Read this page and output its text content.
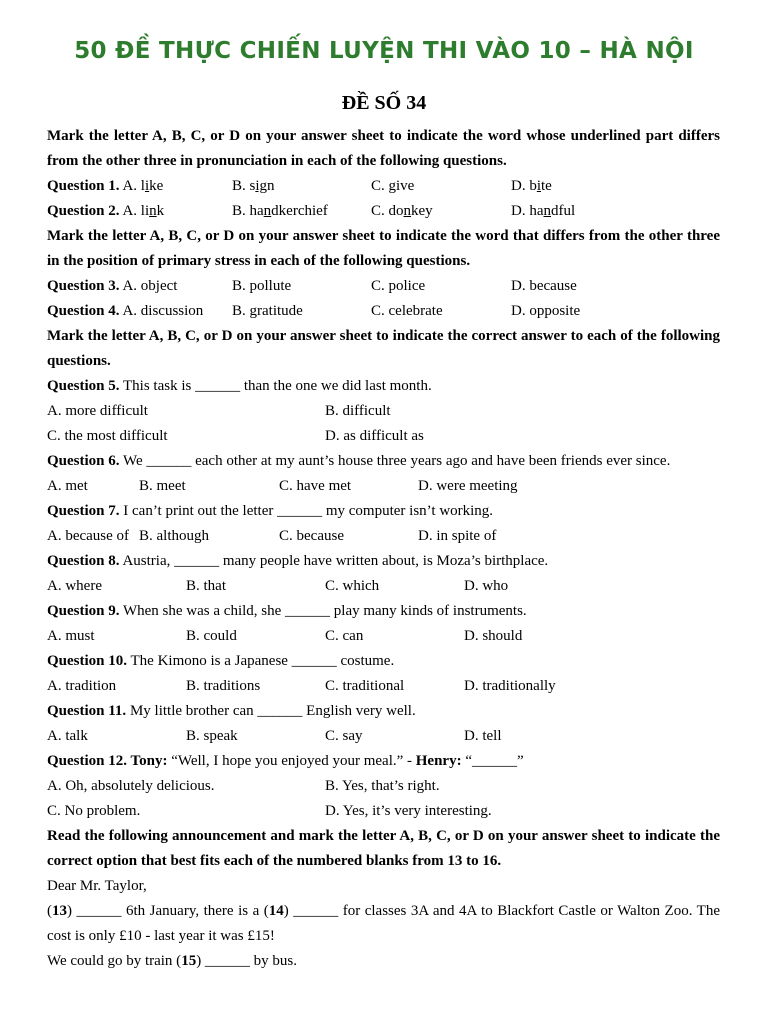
50 ĐỀ THỰC CHIẾN LUYỆN THI VÀO 10 – HÀ NỘI
ĐỀ SỐ 34
Mark the letter A, B, C, or D on your answer sheet to indicate the word whose underlined part differs from the other three in pronunciation in each of the following questions.
Question 1. A. like	B. sign	C. give	D. bite
Question 2. A. link	B. handkerchief	C. donkey	D. handful
Mark the letter A, B, C, or D on your answer sheet to indicate the word that differs from the other three in the position of primary stress in each of the following questions.
Question 3. A. object	B. pollute	C. police	D. because
Question 4. A. discussion B. gratitude	C. celebrate	D. opposite
Mark the letter A, B, C, or D on your answer sheet to indicate the correct answer to each of the following questions.
Question 5. This task is ______ than the one we did last month.
A. more difficult	B. difficult
C. the most difficult	D. as difficult as
Question 6. We ______ each other at my aunt’s house three years ago and have been friends ever since.
A. met	B. meet	C. have met	D. were meeting
Question 7. I can’t print out the letter ______ my computer isn’t working.
A. because of B. although	C. because	D. in spite of
Question 8. Austria, ______ many people have written about, is Moza’s birthplace.
A. where	B. that	C. which	D. who
Question 9. When she was a child, she ______ play many kinds of instruments.
A. must	B. could	C. can	D. should
Question 10. The Kimono is a Japanese ______ costume.
A. tradition	B. traditions	C. traditional	D. traditionally
Question 11. My little brother can ______ English very well.
A. talk	B. speak	C. say	D. tell
Question 12. Tony: “Well, I hope you enjoyed your meal.” - Henry: “______”
A. Oh, absolutely delicious.	B. Yes, that’s right.
C. No problem.	D. Yes, it’s very interesting.
Read the following announcement and mark the letter A, B, C, or D on your answer sheet to indicate the correct option that best fits each of the numbered blanks from 13 to 16.
Dear Mr. Taylor,
(13) ______ 6th January, there is a (14) ______ for classes 3A and 4A to Blackfort Castle or Walton Zoo. The cost is only £10 - last year it was £15!
We could go by train (15) ______ by bus.
